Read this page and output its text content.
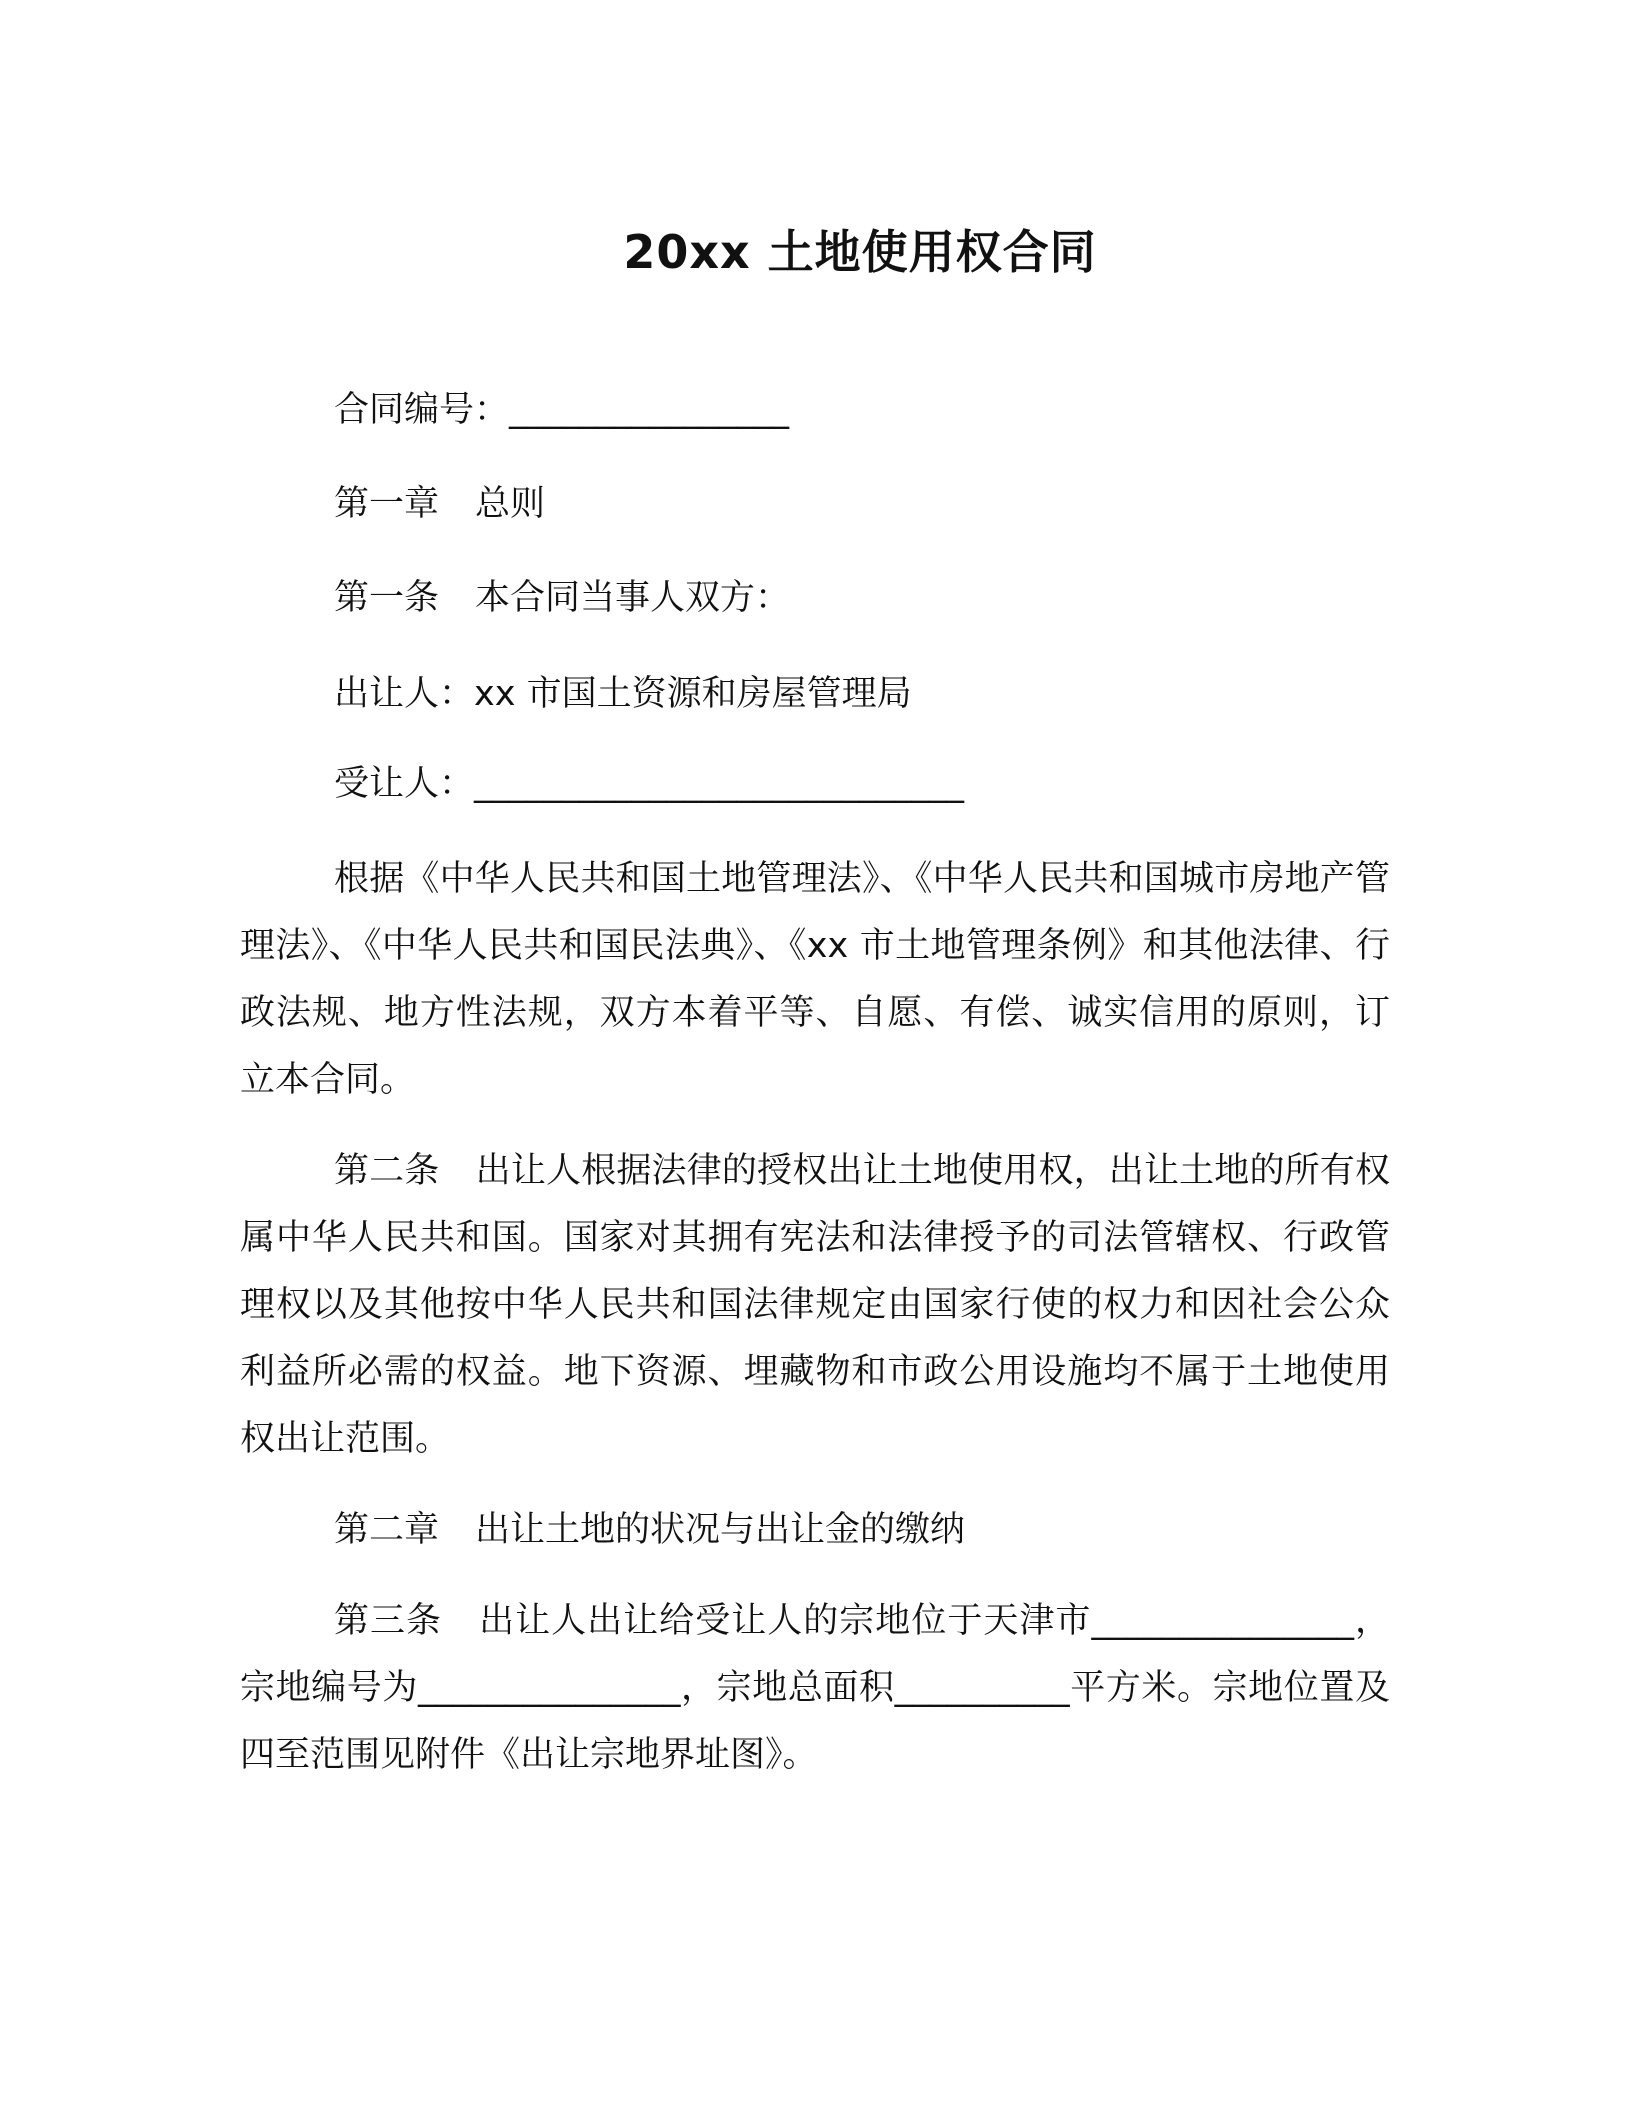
20xx 土地使用权合同
合同编号：________________
第一章 总则
第一条 本合同当事人双方：
出让人：xx 市国土资源和房屋管理局
受让人：____________________________
根据《中华人民共和国土地管理法》、《中华人民共和国城市房地产管理法》、《中华人民共和国民法典》、《xx 市土地管理条例》和其他法律、行政法规、地方性法规，双方本着平等、自愿、有偿、诚实信用的原则，订立本合同。
第二条 出让人根据法律的授权出让土地使用权，出让土地的所有权属中华人民共和国。国家对其拥有宪法和法律授予的司法管辖权、行政管理权以及其他按中华人民共和国法律规定由国家行使的权力和因社会公众利益所必需的权益。地下资源、埋藏物和市政公用设施均不属于土地使用权出让范围。
第二章 出让土地的状况与出让金的缴纳
第三条 出让人出让给受让人的宗地位于天津市_______________，宗地编号为_______________，宗地总面积__________平方米。宗地位置及四至范围见附件《出让宗地界址图》。
